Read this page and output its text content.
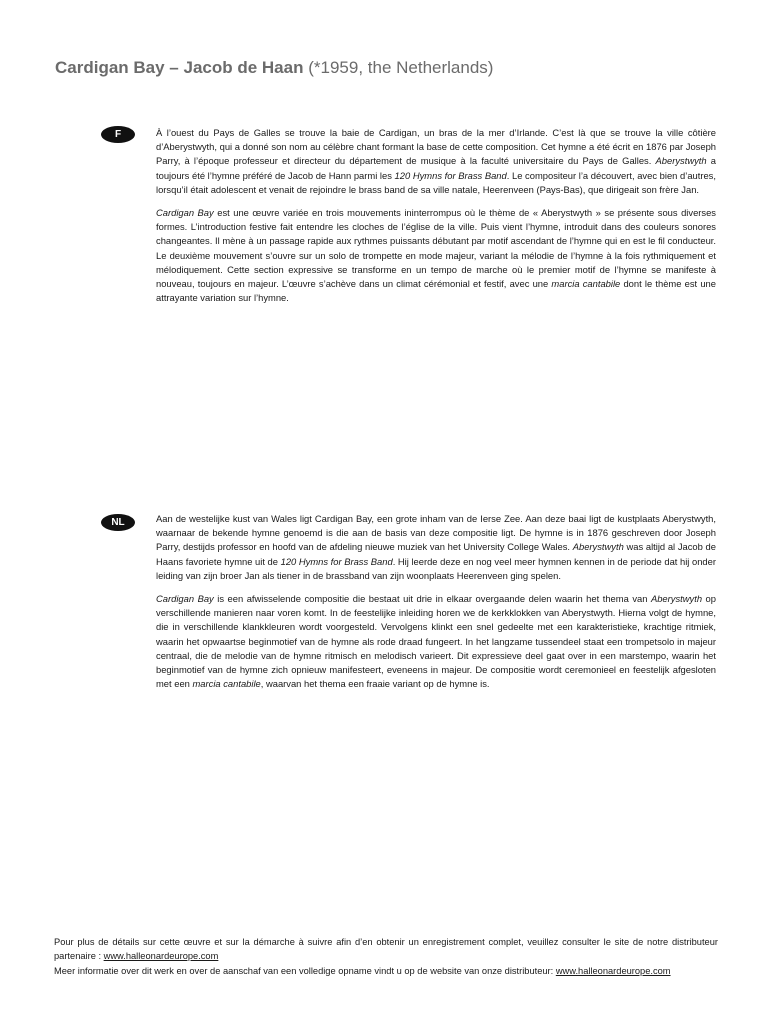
Cardigan Bay – Jacob de Haan (*1959, the Netherlands)
F	À l’ouest du Pays de Galles se trouve la baie de Cardigan, un bras de la mer d’Irlande. C’est là que se trouve la ville côtière d’Aberystwyth, qui a donné son nom au célèbre chant formant la base de cette composition. Cet hymne a été écrit en 1876 par Joseph Parry, à l’époque professeur et directeur du département de musique à la faculté universitaire du Pays de Galles. Aberystwyth a toujours été l’hymne préféré de Jacob de Hann parmi les 120 Hymns for Brass Band. Le compositeur l’a découvert, avec bien d’autres, lorsqu’il était adolescent et venait de rejoindre le brass band de sa ville natale, Heerenveen (Pays-Bas), que dirigeait son frère Jan.

Cardigan Bay est une œuvre variée en trois mouvements ininterrompus où le thème de « Aberystwyth » se présente sous diverses formes. L’introduction festive fait entendre les cloches de l’église de la ville. Puis vient l’hymne, introduit dans des couleurs sonores changeantes. Il mène à un passage rapide aux rythmes puissants débutant par motif ascendant de l’hymne qui en est le fil conducteur. Le deuxième mouvement s’ouvre sur un solo de trompette en mode majeur, variant la mélodie de l’hymne à la fois rythmiquement et mélodiquement. Cette section expressive se transforme en un tempo de marche où le premier motif de l’hymne se manifeste à nouveau, toujours en majeur. L’œuvre s’achève dans un climat cérémonial et festif, avec une marcia cantabile dont le thème est une attrayante variation sur l’hymne.

NL	Aan de westelijke kust van Wales ligt Cardigan Bay, een grote inham van de Ierse Zee. Aan deze baai ligt de kustplaats Aberystwyth, waarnaar de bekende hymne genoemd is die aan de basis van deze compositie ligt. De hymne is in 1876 geschreven door Joseph Parry, destijds professor en hoofd van de afdeling nieuwe muziek van het University College Wales. Aberystwyth was altijd al Jacob de Haans favoriete hymne uit de 120 Hymns for Brass Band. Hij leerde deze en nog veel meer hymnen kennen in de periode dat hij onder leiding van zijn broer Jan als tiener in de brassband van zijn woonplaats Heerenveen ging spelen.

Cardigan Bay is een afwisselende compositie die bestaat uit drie in elkaar overgaande delen waarin het thema van Aberystwyth op verschillende manieren naar voren komt. In de feestelijke inleiding horen we de kerkklokken van Aberystwyth. Hierna volgt de hymne, die in verschillende klankkleuren wordt voorgesteld. Vervolgens klinkt een snel gedeelte met een karakteristieke, krachtige ritmiek, waarin het opwaartse beginmotief van de hymne als rode draad fungeert. In het langzame tussendeel staat een trompetsolo in majeur centraal, die de melodie van de hymne ritmisch en melodisch varieert. Dit expressieve deel gaat over in een marstempo, waarin het beginmotief van de hymne zich opnieuw manifesteert, eveneens in majeur. De compositie wordt ceremonieel en feestelijk afgesloten met een marcia cantabile, waarvan het thema een fraaie variant op de hymne is.

Pour plus de détails sur cette œuvre et sur la démarche à suivre afin d’en obtenir un enregistrement complet, veuillez consulter le site de notre distributeur partenaire : www.halleonardeurope.com

Meer informatie over dit werk en over de aanschaf van een volledige opname vindt u op de website van onze distributeur: www.halleonardeurope.com
